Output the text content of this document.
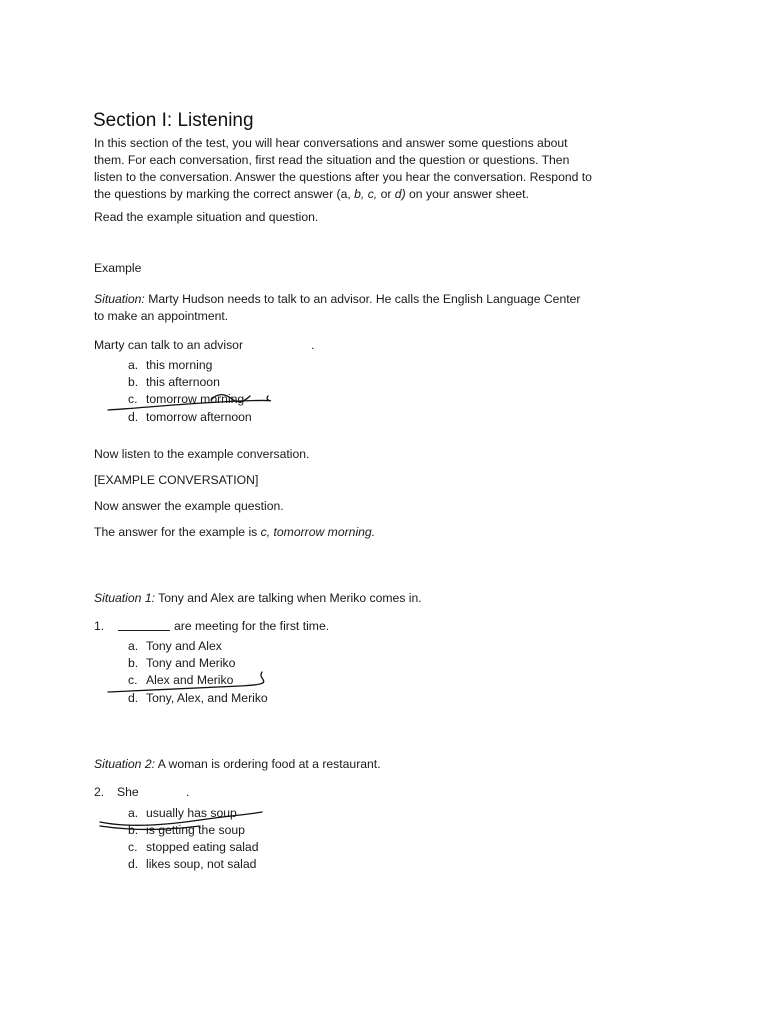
Section I: Listening
In this section of the test, you will hear conversations and answer some questions about
them. For each conversation, first read the situation and the question or questions. Then
listen to the conversation. Answer the questions after you hear the conversation. Respond to
the questions by marking the correct answer (a, b, c, or d) on your answer sheet.
Read the example situation and question.
Example
Situation: Marty Hudson needs to talk to an advisor. He calls the English Language Center
to make an appointment.
Marty can talk to an advisor	.
a. this morning
b. this afternoon
c. tomorrow morning
d. tomorrow afternoon
Now listen to the example conversation.
[EXAMPLE CONVERSATION]
Now answer the example question.
The answer for the example is c, tomorrow morning.
Situation 1: Tony and Alex are talking when Meriko comes in.
1.	are meeting for the first time.
a. Tony and Alex
b. Tony and Meriko
c. Alex and Meriko
d. Tony, Alex, and Meriko
Situation 2: A woman is ordering food at a restaurant.
2. She	.
a. usually has soup
b. is getting the soup
c. stopped eating salad
d. likes soup, not salad
